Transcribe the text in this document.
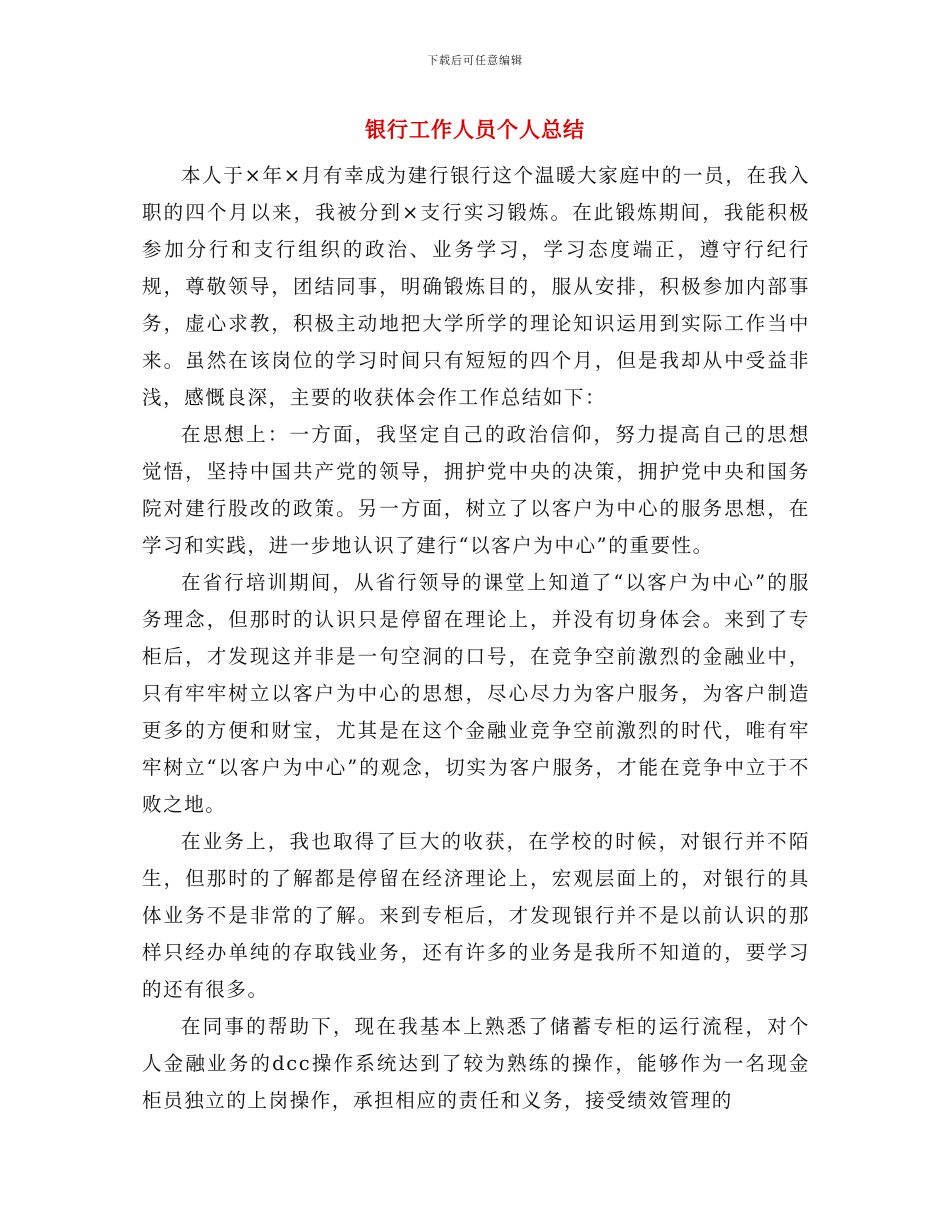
下载后可任意编辑
银行工作人员个人总结

本人于×年×月有幸成为建行银行这个温暖大家庭中的一员，在我入职的四个月以来，我被分到×支行实习锻炼。在此锻炼期间，我能积极参加分行和支行组织的政治、业务学习，学习态度端正，遵守行纪行规，尊敬领导，团结同事，明确锻炼目的，服从安排，积极参加内部事务，虚心求教，积极主动地把大学所学的理论知识运用到实际工作当中来。虽然在该岗位的学习时间只有短短的四个月，但是我却从中受益非浅，感慨良深，主要的收获体会作工作总结如下：

在思想上：一方面，我坚定自己的政治信仰，努力提高自己的思想觉悟，坚持中国共产党的领导，拥护党中央的决策，拥护党中央和国务院对建行股改的政策。另一方面，树立了以客户为中心的服务思想，在学习和实践，进一步地认识了建行“以客户为中心”的重要性。

在省行培训期间，从省行领导的课堂上知道了“以客户为中心”的服务理念，但那时的认识只是停留在理论上，并没有切身体会。来到了专柜后，才发现这并非是一句空洞的口号，在竞争空前激烈的金融业中，只有牢牢树立以客户为中心的思想，尽心尽力为客户服务，为客户制造更多的方便和财宝，尤其是在这个金融业竞争空前激烈的时代，唯有牢牢树立“以客户为中心”的观念，切实为客户服务，才能在竞争中立于不败之地。

在业务上，我也取得了巨大的收获，在学校的时候，对银行并不陌生，但那时的了解都是停留在经济理论上，宏观层面上的，对银行的具体业务不是非常的了解。来到专柜后，才发现银行并不是以前认识的那样只经办单纯的存取钱业务，还有许多的业务是我所不知道的，要学习的还有很多。

在同事的帮助下，现在我基本上熟悉了储蓄专柜的运行流程，对个人金融业务的dcc操作系统达到了较为熟练的操作，能够作为一名现金柜员独立的上岗操作，承担相应的责任和义务，接受绩效管理的
